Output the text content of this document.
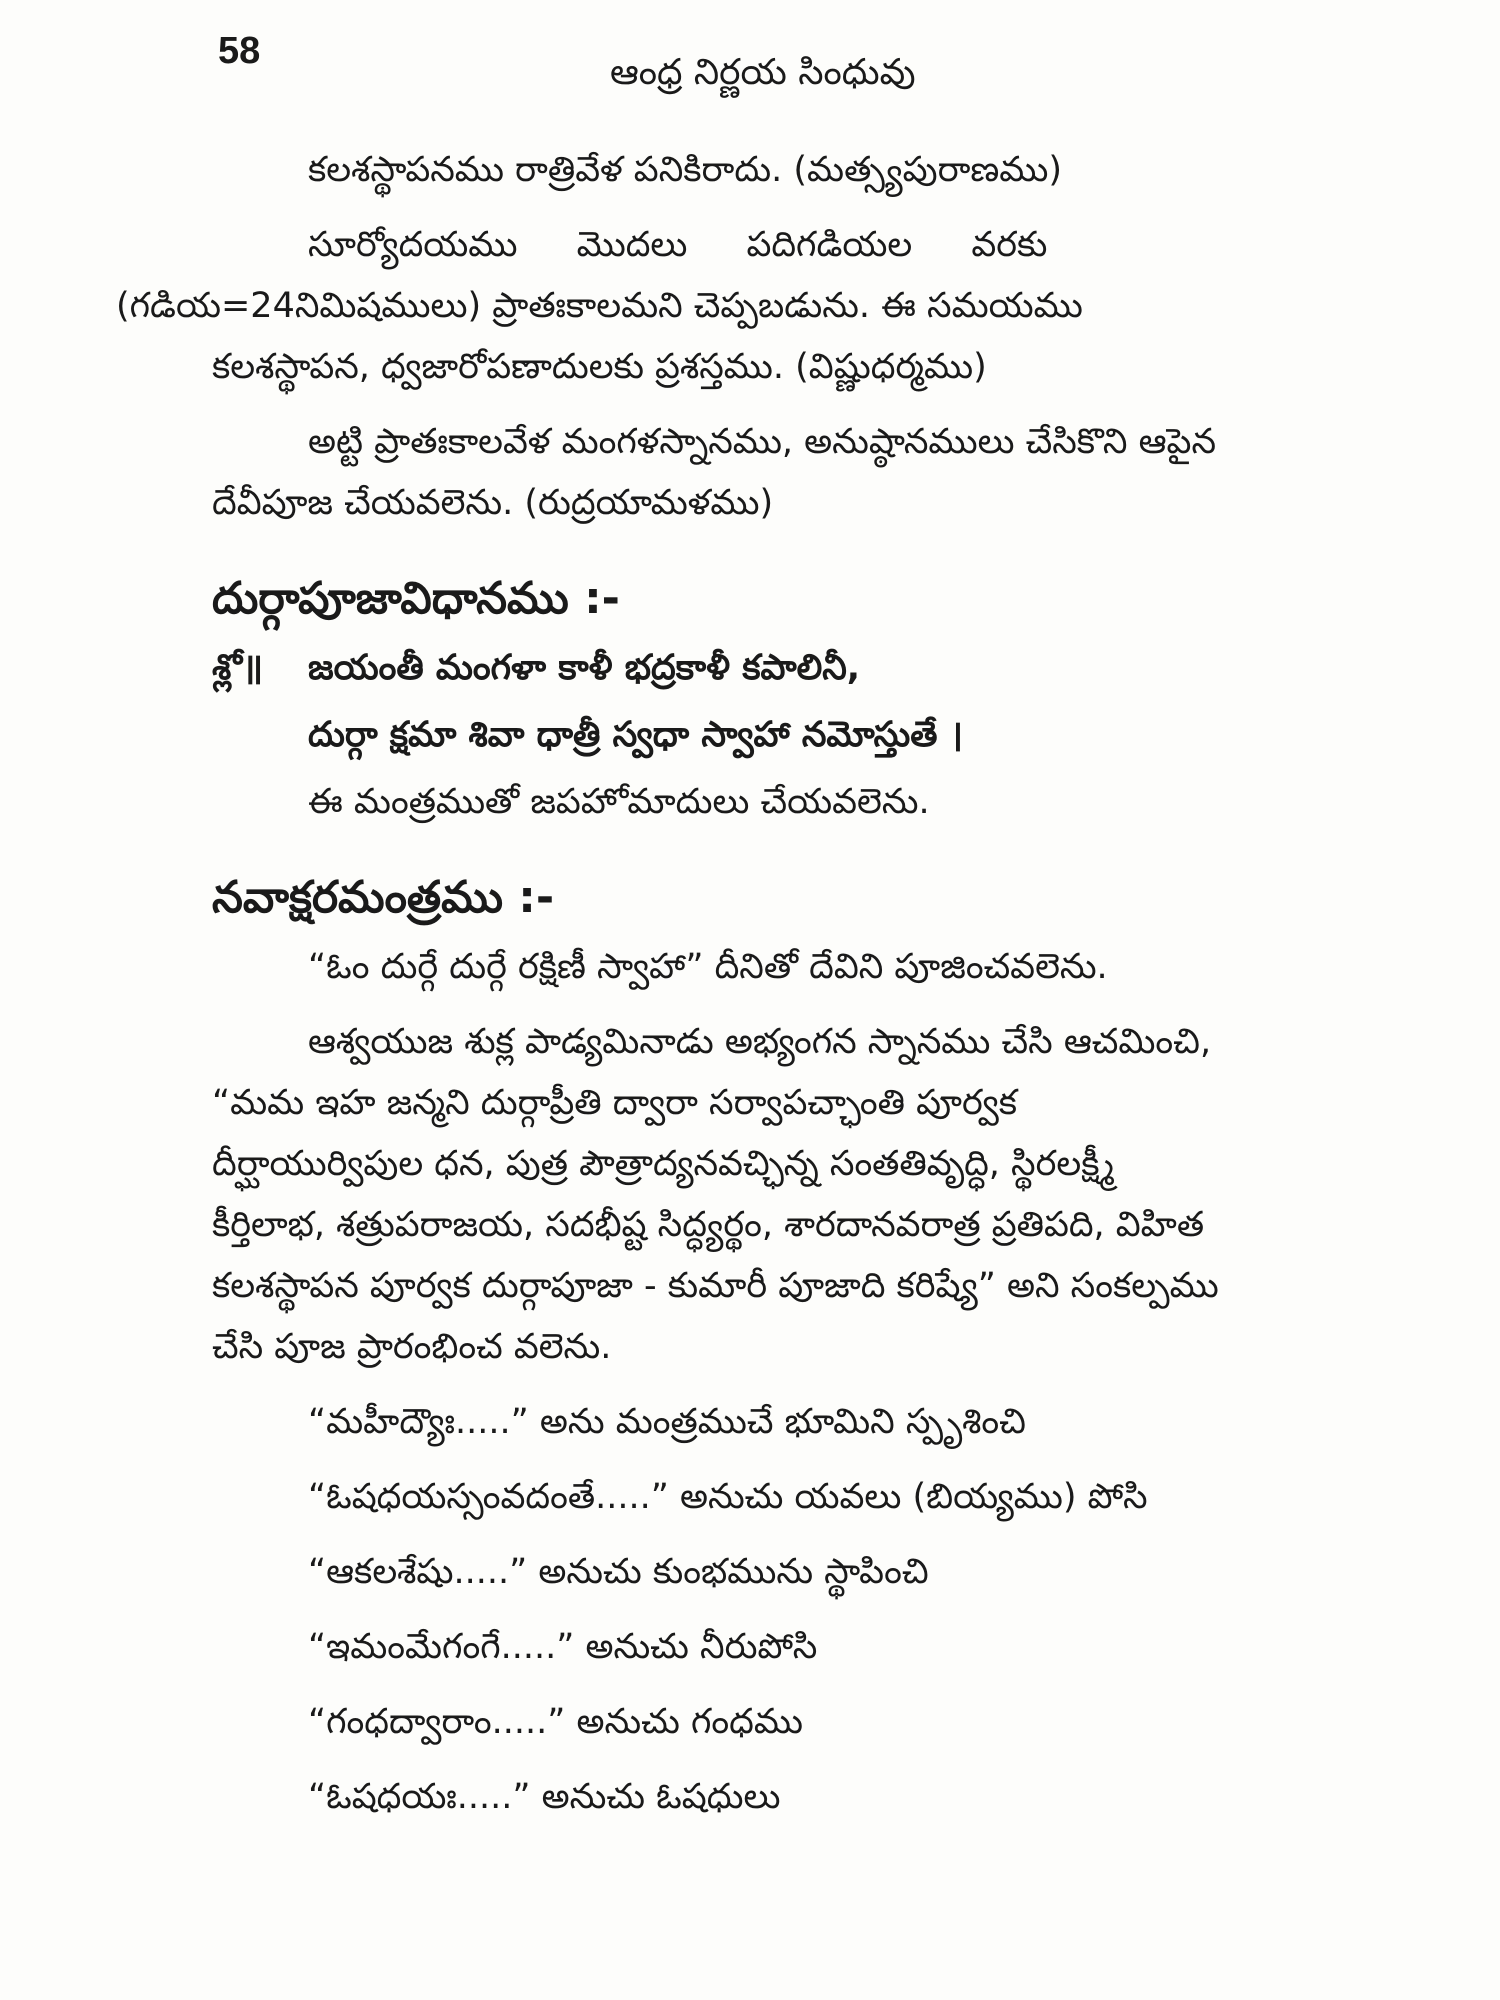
58
ఆంధ్ర నిర్ణయ సింధువు

కలశస్థాపనము రాత్రివేళ పనికిరాదు. (మత్స్యపురాణము)

సూర్యోదయము మొదలు పదిగడియల వరకు
(గడియ=24నిమిషములు) ప్రాతఃకాలమని చెప్పబడును. ఈ సమయము
కలశస్థాపన, ధ్వజారోపణాదులకు ప్రశస్తము. (విష్ణుధర్మము)

అట్టి ప్రాతఃకాలవేళ మంగళస్నానము, అనుష్ఠానములు చేసికొని ఆపైన
దేవీపూజ చేయవలెను. (రుద్రయామళము)

దుర్గాపూజావిధానము :-
శ్లో॥	జయంతీ మంగళా కాళీ భద్రకాళీ కపాలినీ,
దుర్గా క్షమా శివా ధాత్రీ స్వధా స్వాహా నమోస్తుతే ।
ఈ మంత్రముతో జపహోమాదులు చేయవలెను.
నవాక్షరమంత్రము :-

“ఓం దుర్గే దుర్గే రక్షిణీ స్వాహా” దీనితో దేవిని పూజించవలెను.

ఆశ్వయుజ శుక్ల పాడ్యమినాడు అభ్యంగన స్నానము చేసి ఆచమించి,
“మమ ఇహ జన్మని దుర్గాప్రీతి ద్వారా సర్వాపచ్ఛాంతి పూర్వక
దీర్ఘాయుర్విపుల ధన, పుత్ర పౌత్రాద్యనవచ్ఛిన్న సంతతివృద్ధి, స్థిరలక్ష్మీ
కీర్తిలాభ, శత్రుపరాజయ, సదభీష్ట సిద్ధ్యర్థం, శారదానవరాత్ర ప్రతిపది, విహిత
కలశస్థాపన పూర్వక దుర్గాపూజా - కుమారీ పూజాది కరిష్యే” అని సంకల్పము
చేసి పూజ ప్రారంభించ వలెను.

“మహీద్యౌః.....” అను మంత్రముచే భూమిని స్పృశించి
“ఓషధయస్సంవదంతే.....” అనుచు యవలు (బియ్యము) పోసి
“ఆకలశేషు.....” అనుచు కుంభమును స్థాపించి
“ఇమంమేగంగే.....” అనుచు నీరుపోసి
“గంధద్వారాం.....” అనుచు గంధము
“ఓషధయః.....” అనుచు ఓషధులు
